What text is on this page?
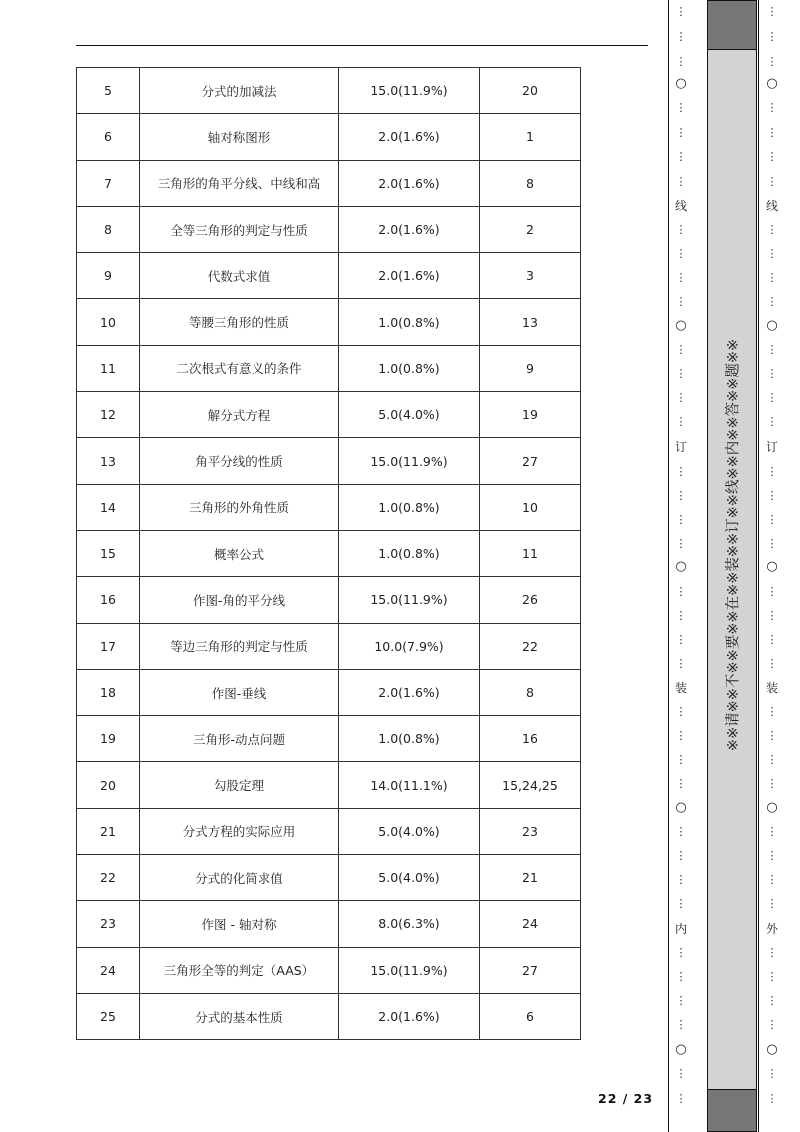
5	分式的加减法	15.0(11.9%)	20
6	轴对称图形	2.0(1.6%)	1
7	三角形的角平分线、中线和高	2.0(1.6%)	8
8	全等三角形的判定与性质	2.0(1.6%)	2
9	代数式求值	2.0(1.6%)	3
10	等腰三角形的性质	1.0(0.8%)	13
11	二次根式有意义的条件	1.0(0.8%)	9
12	解分式方程	5.0(4.0%)	19
13	角平分线的性质	15.0(11.9%)	27
14	三角形的外角性质	1.0(0.8%)	10
15	概率公式	1.0(0.8%)	11
16	作图-角的平分线	15.0(11.9%)	26
17	等边三角形的判定与性质	10.0(7.9%)	22
18	作图-垂线	2.0(1.6%)	8
19	三角形-动点问题	1.0(0.8%)	16
20	勾股定理	14.0(11.1%)	15,24,25
21	分式方程的实际应用	5.0(4.0%)	23
22	分式的化简求值	5.0(4.0%)	21
23	作图 - 轴对称	8.0(6.3%)	24
24	三角形全等的判定（AAS）	15.0(11.9%)	27
25	分式的基本性质	2.0(1.6%)	6
22 / 23
⋮
⋮
⋮
⋮
⋮
⋮
⋮
⋮
⋮
⋮
⋮
⋮
⋮
⋮
⋮
⋮
⋮
⋮
⋮
⋮
⋮
⋮
⋮
⋮
⋮
⋮
⋮
⋮
⋮
⋮
⋮
⋮
⋮
⋮
⋮
⋮
⋮
○
○
○
○
○
线
订
装
内
※※请※※不※※要※※在※※装※※订※※线※※内※※答※※题※※
⋮
⋮
⋮
⋮
⋮
⋮
⋮
⋮
⋮
⋮
⋮
⋮
⋮
⋮
⋮
⋮
⋮
⋮
⋮
⋮
⋮
⋮
⋮
⋮
⋮
⋮
⋮
⋮
⋮
⋮
⋮
⋮
⋮
⋮
⋮
⋮
⋮
○
○
○
○
○
线
订
装
外
